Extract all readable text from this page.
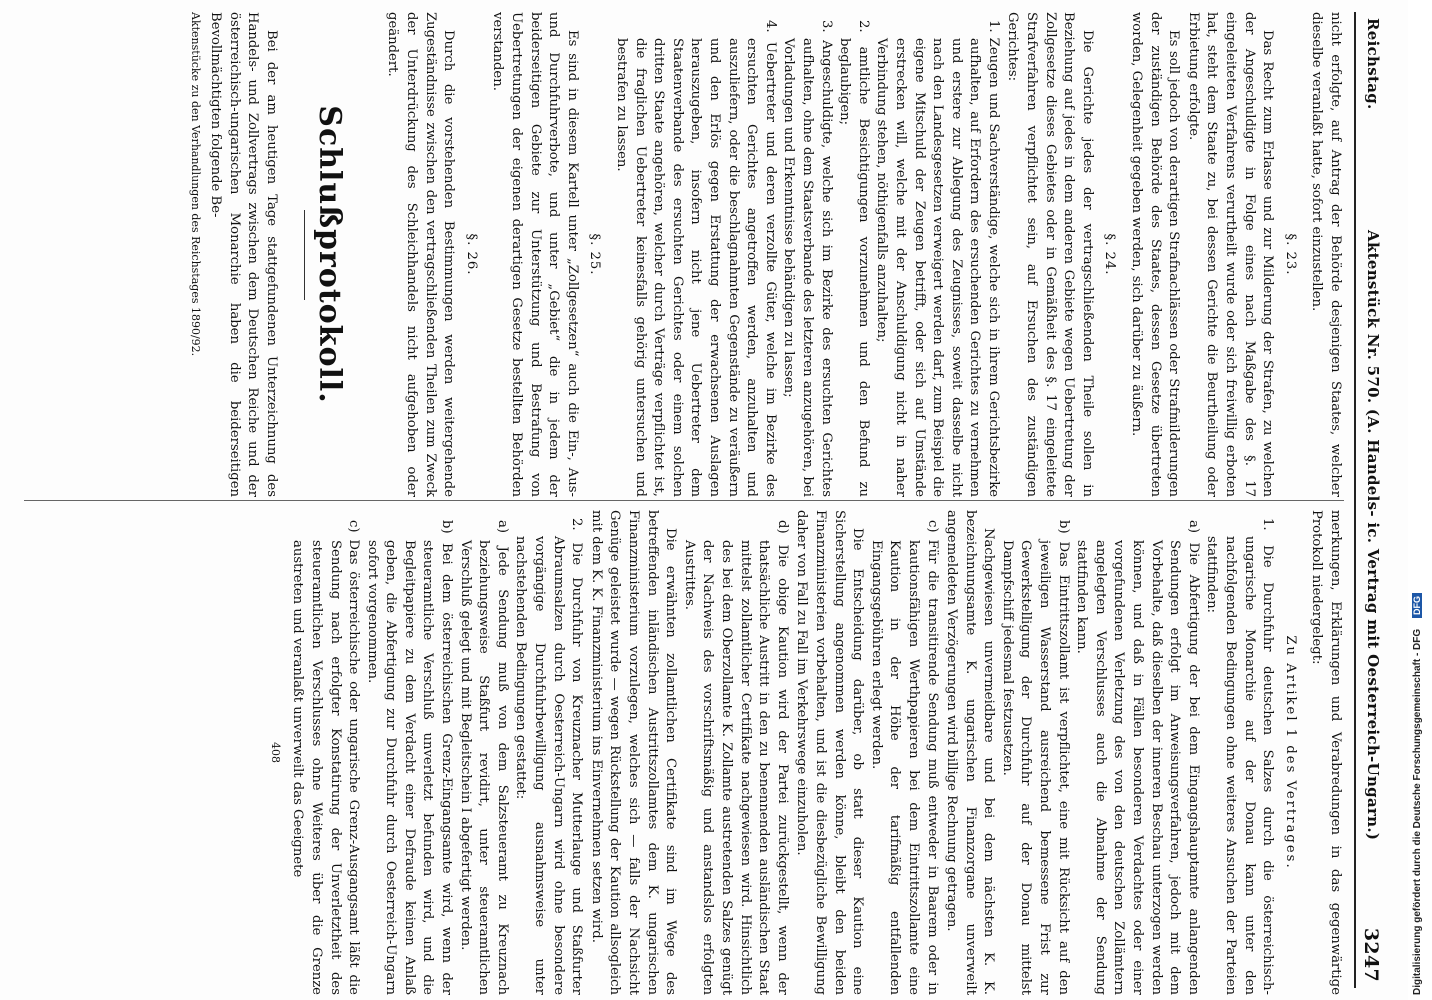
Reichstag.
Aktenstück Nr. 570. (A. Handels- ic. Vertrag mit Oesterreich-Ungarn.)
3247

nicht erfolgte, auf Antrag der Behörde desjenigen Staates, welcher dieselbe veranlaßt hatte, sofort einzustellen.

§. 23.

Das Recht zum Erlasse und zur Milderung der Strafen, zu welchen der Angeschuldigte in Folge eines nach Maßgabe des §. 17 eingeleiteten Verfahrens verurtheilt wurde oder sich freiwillig erboten hat, steht dem Staate zu, bei dessen Gerichte die Beurtheilung oder Erbietung erfolgte.

Es soll jedoch von derartigen Strafnachlässen oder Strafmilderungen der zuständigen Behörde des Staates, dessen Gesetze übertreten worden, Gelegenheit gegeben werden, sich darüber zu äußern.

§. 24.

Die Gerichte jedes der vertragschließenden Theile sollen in Beziehung auf jedes in dem anderen Gebiete wegen Uebertretung der Zollgesetze dieses Gebietes oder in Gemäßheit des §. 17 eingeleitete Strafverfahren verpflichtet sein, auf Ersuchen des zuständigen Gerichtes:

1. Zeugen und Sachverständige, welche sich in ihrem Gerichtsbezirke aufhalten, auf Erfordern des ersuchenden Gerichtes zu vernehmen und erstere zur Ablegung des Zeugnisses, soweit dasselbe nicht nach den Landesgesetzen verweigert werden darf, zum Beispiel die eigene Mitschuld der Zeugen betrifft, oder sich auf Umstände erstrecken will, welche mit der Anschuldigung nicht in naher Verbindung stehen, nöthigenfalls anzuhalten;

2. amtliche Besichtigungen vorzunehmen und den Befund zu beglaubigen;

3. Angeschuldigte, welche sich im Bezirke des ersuchten Gerichtes aufhalten, ohne dem Staatsverbande des letzteren anzugehören, bei Vorladungen und Erkenntnisse behändigen zu lassen;

4. Uebertreter und deren verzollte Güter, welche im Bezirke des ersuchten Gerichtes angetroffen werden, anzuhalten und auszuliefern, oder die beschlagnahmten Gegenstände zu veräußern und den Erlös gegen Erstattung der erwachsenen Auslagen herauszugeben, insofern nicht jene Uebertreter dem Staatenverbande des ersuchten Gerichtes oder einem solchen dritten Staate angehören, welcher durch Verträge verpflichtet ist, die fraglichen Uebertreter keinesfalls gehörig untersuchen und bestrafen zu lassen.

§. 25.

Es sind in diesem Kartell unter „Zollgesetzen“ auch die Ein-, Aus- und Durchfuhrverbote, und unter „Gebiet“ die in jedem der beiderseitigen Gebiete zur Unterstützung und Bestrafung von Uebertretungen der eigenen derartigen Gesetze bestellten Behörden verstanden.

§. 26.

Durch die vorstehenden Bestimmungen werden weitergehende Zugeständnisse zwischen den vertragschließenden Theilen zum Zweck der Unterdrückung des Schleichhandels nicht aufgehoben oder geändert.

Schlußprotokoll.

Bei der am heutigen Tage stattgefundenen Unterzeichnung des Handels- und Zollvertrags zwischen dem Deutschen Reiche und der österreichisch-ungarischen Monarchie haben die beiderseitigen Bevollmächtigten folgende Be-

Aktenstücke zu den Verhandlungen des Reichstages 1890/92.

merkungen, Erklärungen und Verabredungen in das gegenwärtige Protokoll niedergelegt:

Zu Artikel 1 des Vertrages.

1. Die Durchfuhr deutschen Salzes durch die österreichisch-ungarische Monarchie auf der Donau kann unter den nachfolgenden Bedingungen ohne weiteres Ansuchen der Parteien stattfinden:

a) Die Abfertigung der bei dem Eingangshauptamte anlangenden Sendungen erfolgt im Anweisungsverfahren, jedoch mit dem Vorbehalte, daß dieselben der inneren Beschau unterzogen werden können, und daß in Fällen besonderen Verdachtes oder einer vorgefundenen Verletzung des von den deutschen Zollämtern angelegten Verschlusses auch die Abnahme der Sendung stattfinden kann.

b) Das Eintrittszollamt ist verpflichtet, eine mit Rücksicht auf den jeweiligen Wasserstand ausreichend bemessene Frist zur Gewerkstelligung der Durchfuhr auf der Donau mittelst Dampfschiff jedesmal festzusetzen.

Nachgewiesen unvermeidbare und bei dem nächsten K. K. bezeichnungsamte K. ungarischen Finanzorgane unverweilt angemeldeten Verzögerungen wird billige Rechnung getragen.

c) Für die transitirende Sendung muß entweder in Baarem oder in kautionsfähigen Werthpapieren bei dem Eintrittszollamte eine Kaution in der Höhe der tarifmäßig entfallenden Eingangsgebühren erlegt werden.

Die Entscheidung darüber, ob statt dieser Kaution eine Sicherstellung angenommen werden könne, bleibt den beiden Finanzministerien vorbehalten, und ist die diesbezügliche Bewilligung daher von Fall zu Fall im Verkehrswege einzuholen.

d) Die obige Kaution wird der Partei zurückgestellt, wenn der thatsächliche Austritt in den zu benennenden ausländischen Staat mittelst zollamtlicher Certifikate nachgewiesen wird. Hinsichtlich des bei dem Oberzollamte K. Zollamte austretenden Salzes genügt der Nachweis des vorschriftsmäßig und anstandslos erfolgten Austrittes.

Die erwähnten zollamtlichen Certifikate sind im Wege des betreffenden inländischen Austrittszollamtes dem K. ungarischen Finanzministerium vorzulegen, welches sich — falls der Nachsicht Genüge geleistet wurde — wegen Rückstellung der Kaution allsogleich mit dem K. K. Finanzministerium ins Einvernehmen setzen wird.

2. Die Durchfuhr von Kreuznacher Mutterlauge und Staßfurter Abraumsalzen durch Oesterreich-Ungarn wird ohne besondere vorgängige Durchfuhrbewilligung ausnahmsweise unter nachstehenden Bedingungen gestattet:

a) Jede Sendung muß von dem Salzsteueramt zu Kreuznach beziehungsweise Staßfurt revidirt, unter steueramtlichen Verschluß gelegt und mit Begleitschein I abgefertigt werden.

b) Bei dem österreichischen Grenz-Eingangsamte wird, wenn der steueramtliche Verschluß unverletzt befunden wird, und die Begleitpapiere zu dem Verdacht einer Defraude keinen Anlaß geben, die Abfertigung zur Durchfuhr durch Oesterreich-Ungarn sofort vorgenommen.

c) Das österreichische oder ungarische Grenz-Ausgangsamt läßt die Sendung nach erfolgter Konstatirung der Unverletztheit des steueramtlichen Verschlusses ohne Weiteres über die Grenze austreten und veranlaßt unverweilt das Geeignete

408	Digitalisierung gefördert durch die Deutsche Forschungsgemeinschaft - DFG DFG
